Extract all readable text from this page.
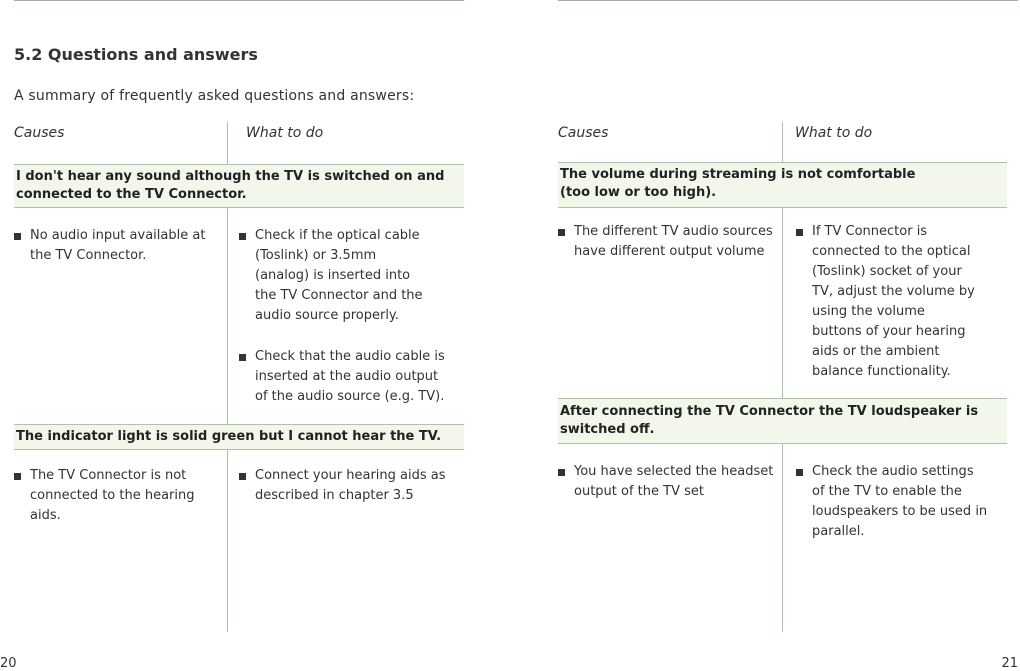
5.2 Questions and answers
A summary of frequently asked questions and answers:
Causes	What to do
I don't hear any sound although the TV is switched on and
connected to the TV Connector.
No audio input available at
the TV Connector.
Check if the optical cable
(Toslink) or 3.5mm
(analog) is inserted into
the TV Connector and the
audio source properly.
Check that the audio cable is
inserted at the audio output
of the audio source (e.g. TV).
The indicator light is solid green but I cannot hear the TV.
The TV Connector is not
connected to the hearing
aids.
Connect your hearing aids as
described in chapter 3.5
20
Causes	What to do
The volume during streaming is not comfortable
(too low or too high).
The different TV audio sources
have different output volume
If TV Connector is
connected to the optical
(Toslink) socket of your
TV, adjust the volume by
using the volume
buttons of your hearing
aids or the ambient
balance functionality.
After connecting the TV Connector the TV loudspeaker is
switched off.
You have selected the headset
output of the TV set
Check the audio settings
of the TV to enable the
loudspeakers to be used in
parallel.
21
